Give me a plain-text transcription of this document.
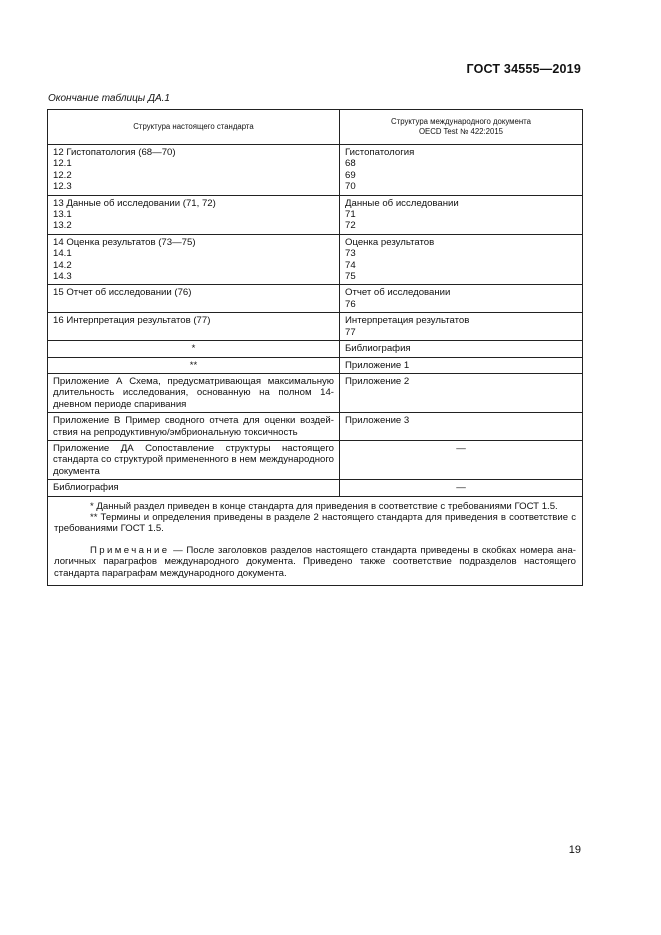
ГОСТ 34555—2019
Окончание таблицы ДА.1
Структура настоящего стандарта	Структура международного документа
OECD Test № 422:2015

12 Гистопатология (68—70)
12.1
12.2
12.3	Гистопатология
68
69
70

13 Данные об исследовании (71, 72)
13.1
13.2	Данные об исследовании
71
72

14 Оценка результатов (73—75)
14.1
14.2
14.3	Оценка результатов
73
74
75

15 Отчет об исследовании (76)	Отчет об исследовании
76

16 Интерпретация результатов (77)	Интерпретация результатов
77

*	Библиография

**	Приложение 1

Приложение А Схема, предусматривающая максимальную длительность исследования, основанную на полном 14-дневном периоде спаривания	Приложение 2

Приложение В Пример сводного отчета для оценки воздействия на репродуктивную/эмбриональную токсичность	Приложение 3

Приложение ДА Сопоставление структуры настоящего стандарта со структурой примененного в нем международного документа	—

Библиография	—

* Данный раздел приведен в конце стандарта для приведения в соответствие с требованиями ГОСТ 1.5.
** Термины и определения приведены в разделе 2 настоящего стандарта для приведения в соответствие с требованиями ГОСТ 1.5.
Примечание — После заголовков разделов настоящего стандарта приведены в скобках номера аналогичных параграфов международного документа. Приведено также соответствие подразделов настоящего стандарта параграфам международного документа.	
19
